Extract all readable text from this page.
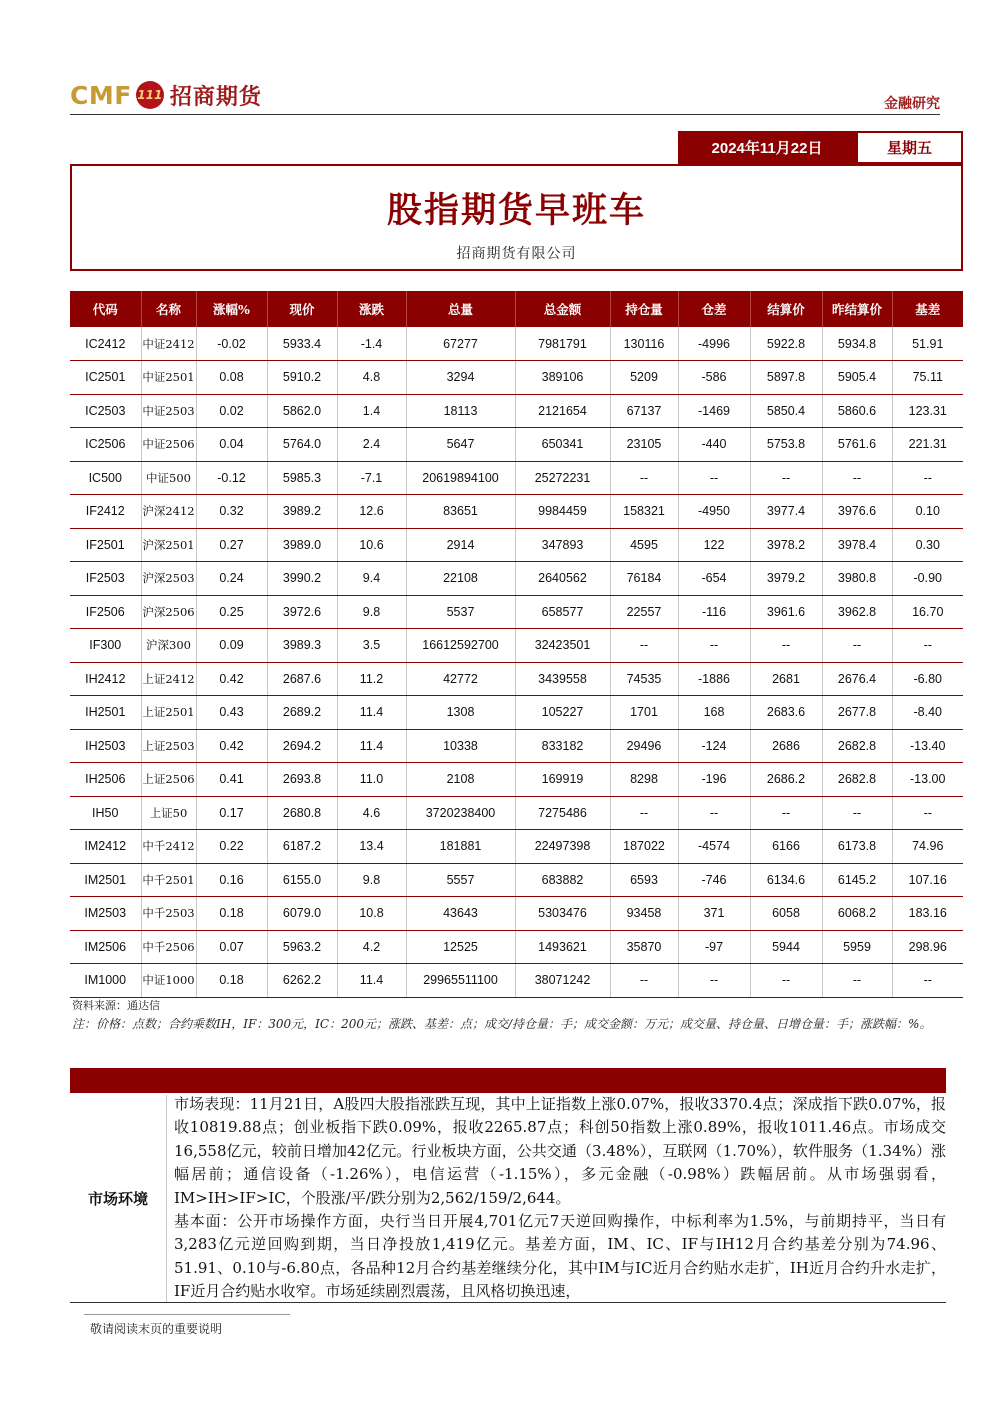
CMF 111 招商期货	金融研究
2024年11月22日	星期五
股指期货早班车
招商期货有限公司
代码	名称	涨幅%	现价	涨跌	总量	总金额	持仓量	仓差	结算价	昨结算价	基差
IC2412	中证2412	-0.02	5933.4	-1.4	67277	7981791	130116	-4996	5922.8	5934.8	51.91
IC2501	中证2501	0.08	5910.2	4.8	3294	389106	5209	-586	5897.8	5905.4	75.11
IC2503	中证2503	0.02	5862.0	1.4	18113	2121654	67137	-1469	5850.4	5860.6	123.31
IC2506	中证2506	0.04	5764.0	2.4	5647	650341	23105	-440	5753.8	5761.6	221.31
IC500	中证500	-0.12	5985.3	-7.1	20619894100	25272231	--	--	--	--	--
IF2412	沪深2412	0.32	3989.2	12.6	83651	9984459	158321	-4950	3977.4	3976.6	0.10
IF2501	沪深2501	0.27	3989.0	10.6	2914	347893	4595	122	3978.2	3978.4	0.30
IF2503	沪深2503	0.24	3990.2	9.4	22108	2640562	76184	-654	3979.2	3980.8	-0.90
IF2506	沪深2506	0.25	3972.6	9.8	5537	658577	22557	-116	3961.6	3962.8	16.70
IF300	沪深300	0.09	3989.3	3.5	16612592700	32423501	--	--	--	--	--
IH2412	上证2412	0.42	2687.6	11.2	42772	3439558	74535	-1886	2681	2676.4	-6.80
IH2501	上证2501	0.43	2689.2	11.4	1308	105227	1701	168	2683.6	2677.8	-8.40
IH2503	上证2503	0.42	2694.2	11.4	10338	833182	29496	-124	2686	2682.8	-13.40
IH2506	上证2506	0.41	2693.8	11.0	2108	169919	8298	-196	2686.2	2682.8	-13.00
IH50	上证50	0.17	2680.8	4.6	3720238400	7275486	--	--	--	--	--
IM2412	中千2412	0.22	6187.2	13.4	181881	22497398	187022	-4574	6166	6173.8	74.96
IM2501	中千2501	0.16	6155.0	9.8	5557	683882	6593	-746	6134.6	6145.2	107.16
IM2503	中千2503	0.18	6079.0	10.8	43643	5303476	93458	371	6058	6068.2	183.16
IM2506	中千2506	0.07	5963.2	4.2	12525	1493621	35870	-97	5944	5959	298.96
IM1000	中证1000	0.18	6262.2	11.4	29965511100	38071242	--	--	--	--	--
资料来源：通达信
注：价格：点数；合约乘数IH，IF：300元，IC：200元；涨跌、基差：点；成交/持仓量：手；成交金额：万元；成交量、持仓量、日增仓量：手；涨跌幅：%。
市场环境

市场表现：11月21日，A股四大股指涨跌互现，其中上证指数上涨0.07%，报收3370.4点；深成指下跌0.07%，报收10819.88点；创业板指下跌0.09%，报收2265.87点；科创50指数上涨0.89%，报收1011.46点。市场成交16,558亿元，较前日增加42亿元。行业板块方面，公共交通（3.48%），互联网（1.70%），软件服务（1.34%）涨幅居前；通信设备（-1.26%），电信运营（-1.15%），多元金融（-0.98%）跌幅居前。从市场强弱看，IM>IH>IF>IC，个股涨/平/跌分别为2,562/159/2,644。

基本面：公开市场操作方面，央行当日开展4,701亿元7天逆回购操作，中标利率为1.5%，与前期持平，当日有3,283亿元逆回购到期，当日净投放1,419亿元。基差方面，IM、IC、IF与IH12月合约基差分别为74.96、51.91、0.10与-6.80点，各品种12月合约基差继续分化，其中IM与IC近月合约贴水走扩，IH近月合约升水走扩，IF近月合约贴水收窄。市场延续剧烈震荡，且风格切换迅速，

敬请阅读末页的重要说明
